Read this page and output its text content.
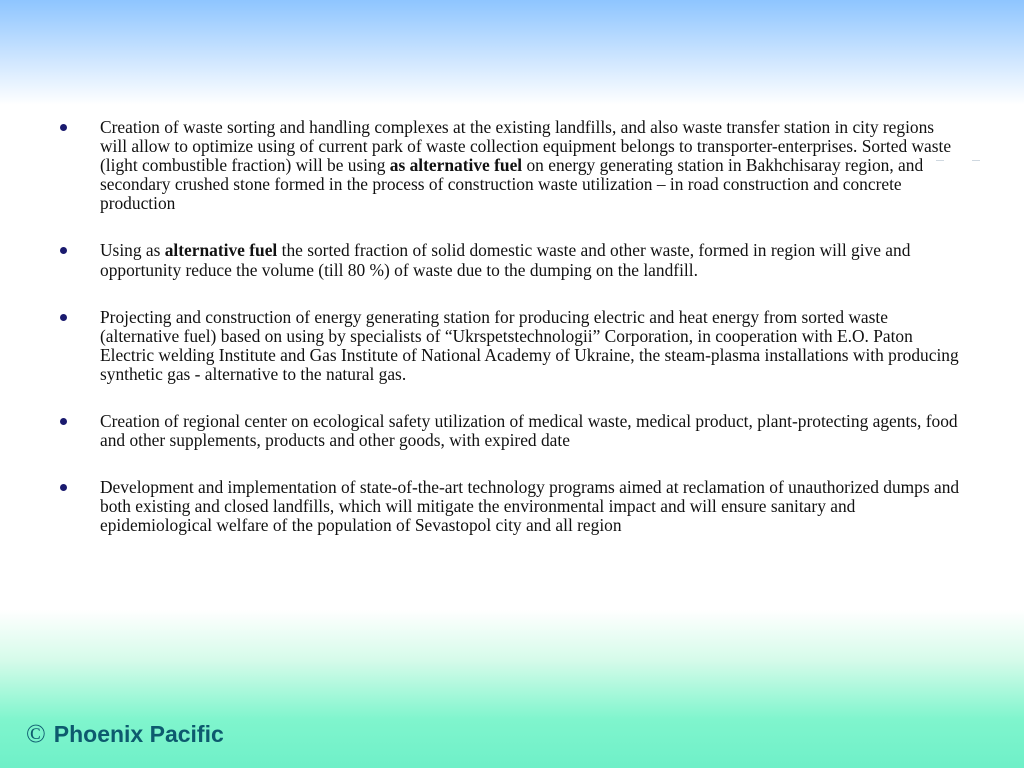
Creation of waste sorting and handling complexes at the existing landfills, and also waste transfer station in city regions will allow to optimize using of current park of waste collection equipment belongs to transporter-enterprises. Sorted waste (light combustible fraction) will be using as alternative fuel on energy generating station in Bakhchisaray region, and secondary crushed stone formed in the process of construction waste utilization – in road construction and concrete production
Using as alternative fuel the sorted fraction of solid domestic waste and other waste, formed in region will give and opportunity reduce the volume (till 80 %) of waste due to the dumping on the landfill.
Projecting and construction of energy generating station for producing electric and heat energy from sorted waste (alternative fuel) based on using by specialists of “Ukrspetstechnologii” Corporation, in cooperation with E.O. Paton Electric welding Institute and Gas Institute of National Academy of Ukraine, the steam-plasma installations with producing synthetic gas - alternative to the natural gas.
Creation of regional center on ecological safety utilization of medical waste, medical product, plant-protecting agents, food and other supplements, products and other goods, with expired date
Development and implementation of state-of-the-art technology programs aimed at reclamation of unauthorized dumps and both existing and closed landfills, which will mitigate the environmental impact and will ensure sanitary and epidemiological welfare of the population of Sevastopol city and all region
© Phoenix Pacific
